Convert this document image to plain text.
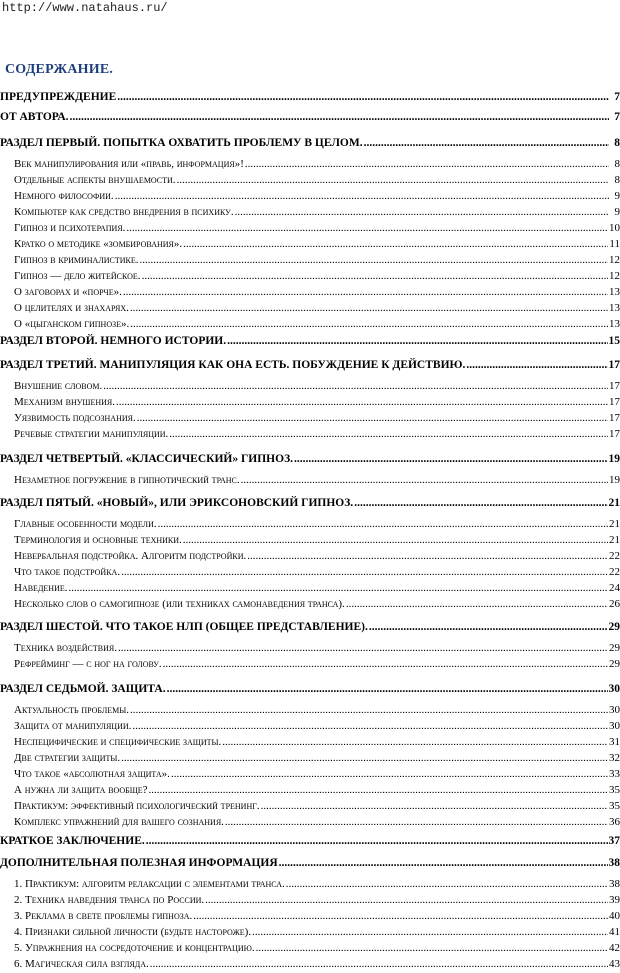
http://www.natahaus.ru/
СОДЕРЖАНИЕ.
ПРЕДУПРЕЖДЕНИЕ .....	7
ОТ АВТОРА. .....	7
РАЗДЕЛ ПЕРВЫЙ. ПОПЫТКА ОХВАТИТЬ ПРОБЛЕМУ В ЦЕЛОМ. .....	8
Век манипулирования или «правь, информация»! .....	8
Отдельные аспекты внушаемости. .....	8
Немного философии. .....	9
Компьютер как средство внедрения в психику. .....	9
Гипноз и психотерапия. .....	10
Кратко о методике «зомбирования». .....	11
Гипноз в криминалистике. .....	12
Гипноз — дело житейское. .....	12
О заговорах и «порче». .....	13
О целителях и знахарях. .....	13
О «цыганском гипнозе». .....	13
РАЗДЕЛ ВТОРОЙ. НЕМНОГО ИСТОРИИ. .....	15
РАЗДЕЛ ТРЕТИЙ. МАНИПУЛЯЦИЯ КАК ОНА ЕСТЬ. ПОБУЖДЕНИЕ К ДЕЙСТВИЮ. .....	17
Внушение словом. .....	17
Механизм внушения. .....	17
Уязвимость подсознания. .....	17
Речевые стратегии манипуляции. .....	17
РАЗДЕЛ ЧЕТВЕРТЫЙ. «КЛАССИЧЕСКИЙ» ГИПНОЗ. .....	19
Незаметное погружение в гипнотический транс. .....	19
РАЗДЕЛ ПЯТЫЙ. «НОВЫЙ», ИЛИ ЭРИКСОНОВСКИЙ ГИПНОЗ. .....	21
Главные особенности модели. .....	21
Терминология и основные техники. .....	21
Невербальная подстройка. Алгоритм подстройки. .....	22
Что такое подстройка. .....	22
Наведение. .....	24
Несколько слов о самогипнозе (или техниках самонаведения транса). .....	26
РАЗДЕЛ ШЕСТОЙ. ЧТО ТАКОЕ НЛП (ОБЩЕЕ ПРЕДСТАВЛЕНИЕ). .....	29
Техника воздействия. .....	29
Рефрейминг — с ног на голову. .....	29
РАЗДЕЛ СЕДЬМОЙ. ЗАЩИТА. .....	30
Актуальность проблемы. .....	30
Защита от манипуляции. .....	30
Неспецифические и специфические защиты. .....	31
Две стратегии защиты. .....	32
Что такое «абсолютная защита». .....	33
А нужна ли защита вообще? .....	35
Практикум: эффективный психологический тренинг. .....	35
Комплекс упражнений для вашего сознания. .....	36
КРАТКОЕ ЗАКЛЮЧЕНИЕ. .....	37
ДОПОЛНИТЕЛЬНАЯ ПОЛЕЗНАЯ ИНФОРМАЦИЯ .....	38
1. Практикум: алгоритм релаксации с элементами транса. .....	38
2. Техника наведения транса по России. .....	39
3. Реклама в свете проблемы гипноза. .....	40
4. Признаки сильной личности (будьте настороже). .....	41
5. Упражнения на сосредоточение и концентрацию. .....	42
6. Магическая сила взгляда. .....	43
